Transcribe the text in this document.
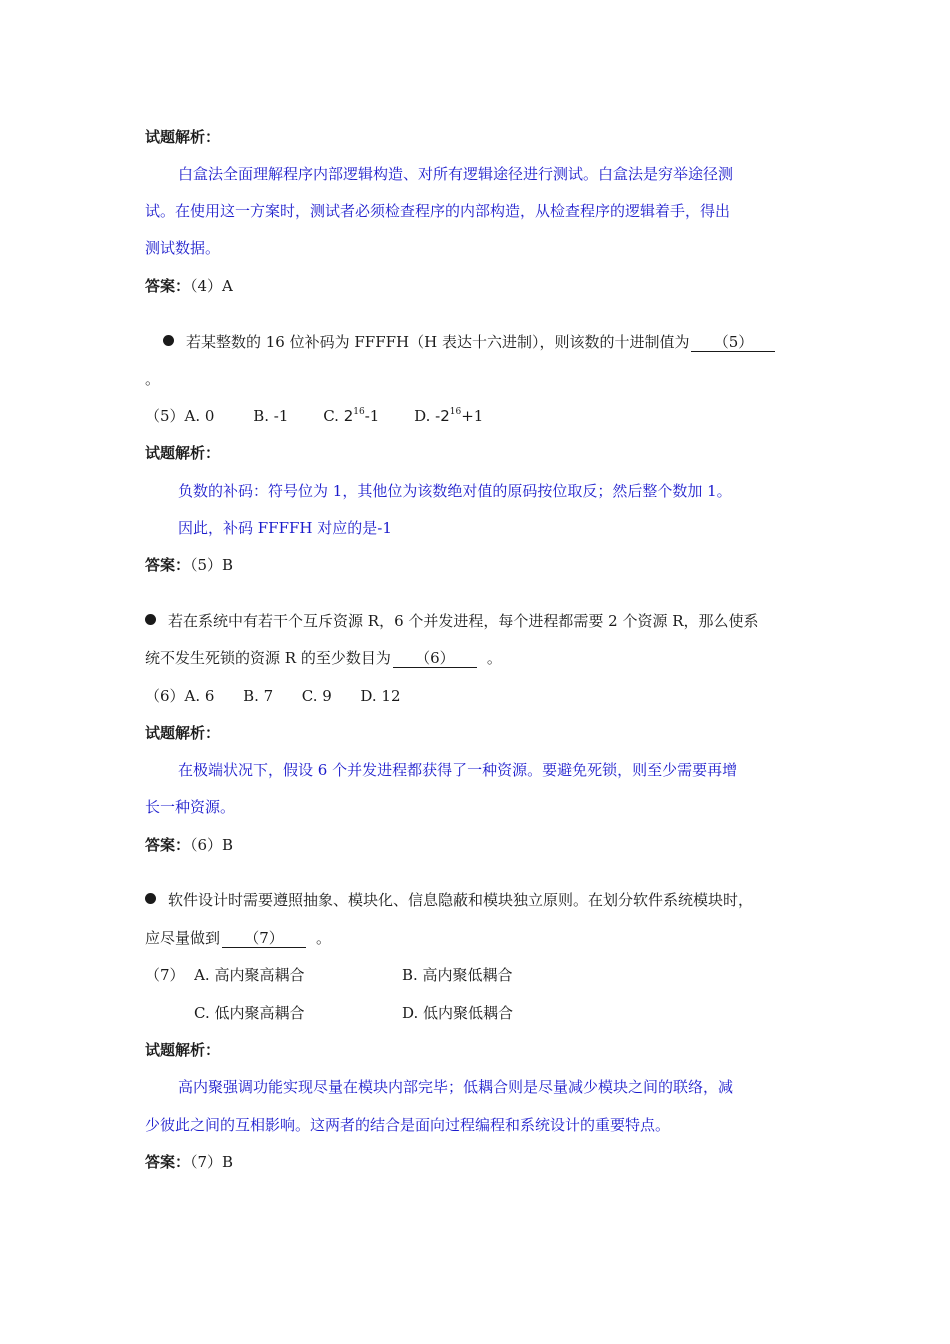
试题解析：
白盒法全面理解程序内部逻辑构造、对所有逻辑途径进行测试。白盒法是穷举途径测
试。在使用这一方案时，测试者必须检查程序的内部构造，从检查程序的逻辑着手，得出
测试数据。
答案：（4）A
若某整数的 16 位补码为 FFFFH（H 表达十六进制），则该数的十进制值为 （5）
。
（5）A. 0	B. -1 C. $2^{16}-1$ D. $-2^{16}+1$
试题解析：
负数的补码：符号位为 1，其他位为该数绝对值的原码按位取反；然后整个数加 1。
因此，补码 FFFFH 对应的是-1
答案：（5）B
若在系统中有若干个互斥资源 R，6 个并发进程，每个进程都需要 2 个资源 R，那么使系
统不发生死锁的资源 R 的至少数目为 （6） 。
（6）A. 6      B. 7      C. 9      D. 12
试题解析：
在极端状况下，假设 6 个并发进程都获得了一种资源。要避免死锁，则至少需要再增
长一种资源。
答案：（6）B
软件设计时需要遵照抽象、模块化、信息隐蔽和模块独立原则。在划分软件系统模块时，
应尽量做到 （7） 。
（7）  A. 高内聚高耦合	B. 高内聚低耦合
C. 低内聚高耦合	D. 低内聚低耦合
试题解析：
高内聚强调功能实现尽量在模块内部完毕；低耦合则是尽量减少模块之间的联络，减
少彼此之间的互相影响。这两者的结合是面向过程编程和系统设计的重要特点。
答案：（7）B
